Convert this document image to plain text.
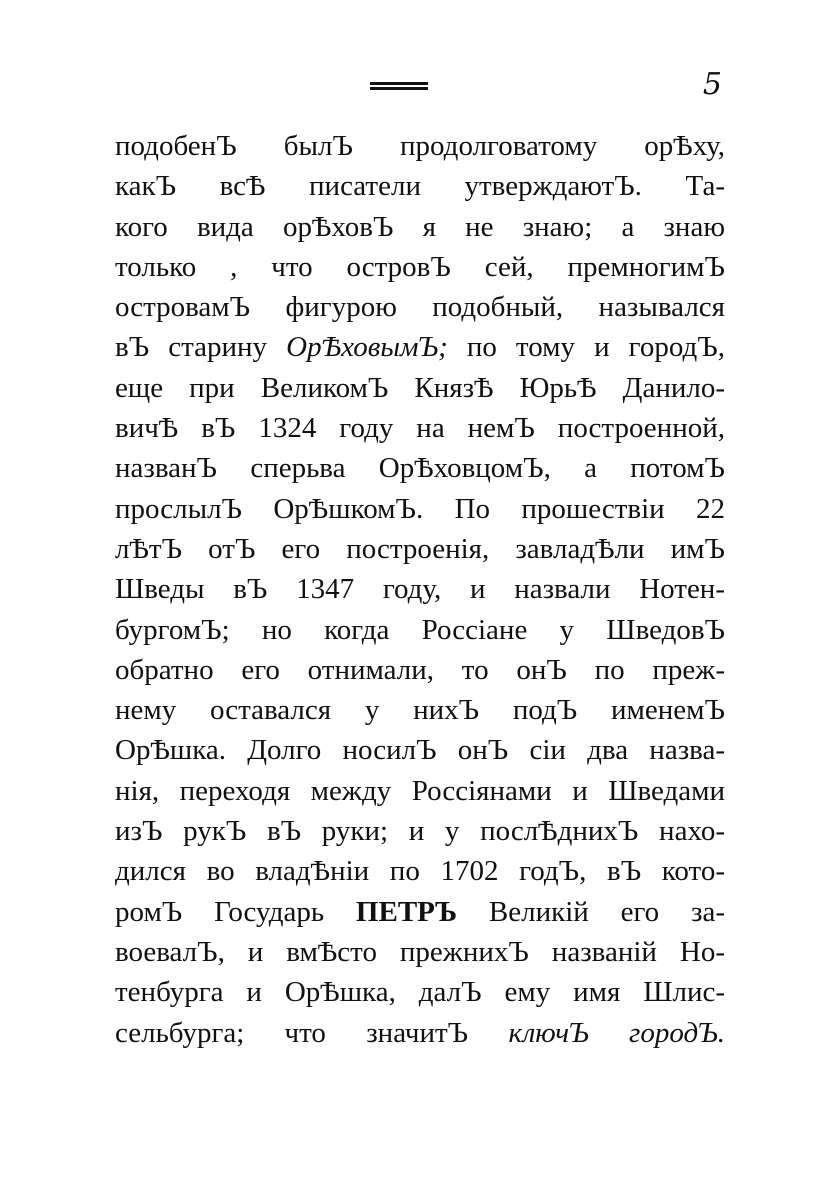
5
подобенЪ былЪ продолговатому орѢху,
какЪ всѢ писатели утверждаютЪ. Та-
кого вида орѢховЪ я не знаю; а знаю
только , что островЪ сей, премногимЪ
островамЪ фигурою подобный, назывался
вЪ старину ОрѢховымЪ; по тому и городЪ,
еще при ВеликомЪ КнязѢ ЮрьѢ Данило-
вичѢ вЪ 1324 году на немЪ построенной,
названЪ сперьва ОрѢховцомЪ, а потомЪ
прослылЪ ОрѢшкомЪ. По прошествіи 22
лѢтЪ отЪ его построенія, завладѢли имЪ
Шведы вЪ 1347 году, и назвали Нотен-
бургомЪ; но когда Россіане у ШведовЪ
обратно его отнимали, то онЪ по преж-
нему оставался у нихЪ подЪ именемЪ
ОрѢшка. Долго носилЪ онЪ сіи два назва-
нія, переходя между Россіянами и Шведами
изЪ рукЪ вЪ руки; и у послѢднихЪ нахо-
дился во владѢніи по 1702 годЪ, вЪ кото-
ромЪ Государь ПЕТРЪ Великій его за-
воевалЪ, и вмѢсто прежнихЪ названій Но-
тенбурга и ОрѢшка, далЪ ему имя Шлис-
сельбурга; что значитЪ ключЪ городЪ.
